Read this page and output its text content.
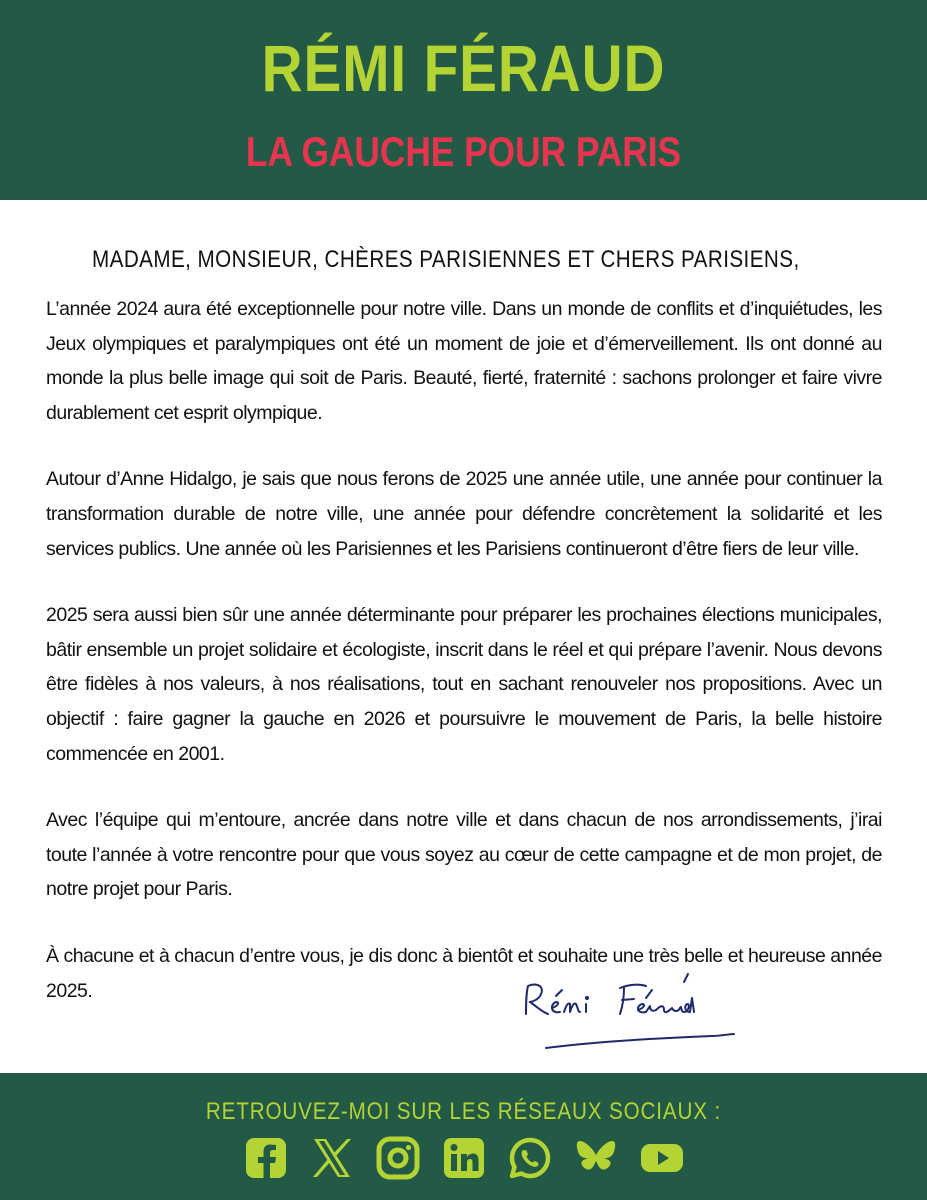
RÉMI FÉRAUD
LA GAUCHE POUR PARIS
MADAME, MONSIEUR, CHÈRES PARISIENNES ET CHERS PARISIENS,

L’année 2024 aura été exceptionnelle pour notre ville. Dans un monde de conflits et d’inquiétudes, les Jeux olympiques et paralympiques ont été un moment de joie et d’émerveillement. Ils ont donné au monde la plus belle image qui soit de Paris. Beauté, fierté, fraternité : sachons prolonger et faire vivre durablement cet esprit olympique.

Autour d’Anne Hidalgo, je sais que nous ferons de 2025 une année utile, une année pour continuer la transformation durable de notre ville, une année pour défendre concrètement la solidarité et les services publics. Une année où les Parisiennes et les Parisiens continueront d’être fiers de leur ville.

2025 sera aussi bien sûr une année déterminante pour préparer les prochaines élections municipales, bâtir ensemble un projet solidaire et écologiste, inscrit dans le réel et qui prépare l’avenir. Nous devons être fidèles à nos valeurs, à nos réalisations, tout en sachant renouveler nos propositions. Avec un objectif : faire gagner la gauche en 2026 et poursuivre le mouvement de Paris, la belle histoire commencée en 2001.

Avec l’équipe qui m’entoure, ancrée dans notre ville et dans chacun de nos arrondissements, j’irai toute l’année à votre rencontre pour que vous soyez au cœur de cette campagne et de mon projet, de notre projet pour Paris.

À chacune et à chacun d’entre vous, je dis donc à bientôt et souhaite une très belle et heureuse année 2025.

RETROUVEZ-MOI SUR LES RÉSEAUX SOCIAUX :
